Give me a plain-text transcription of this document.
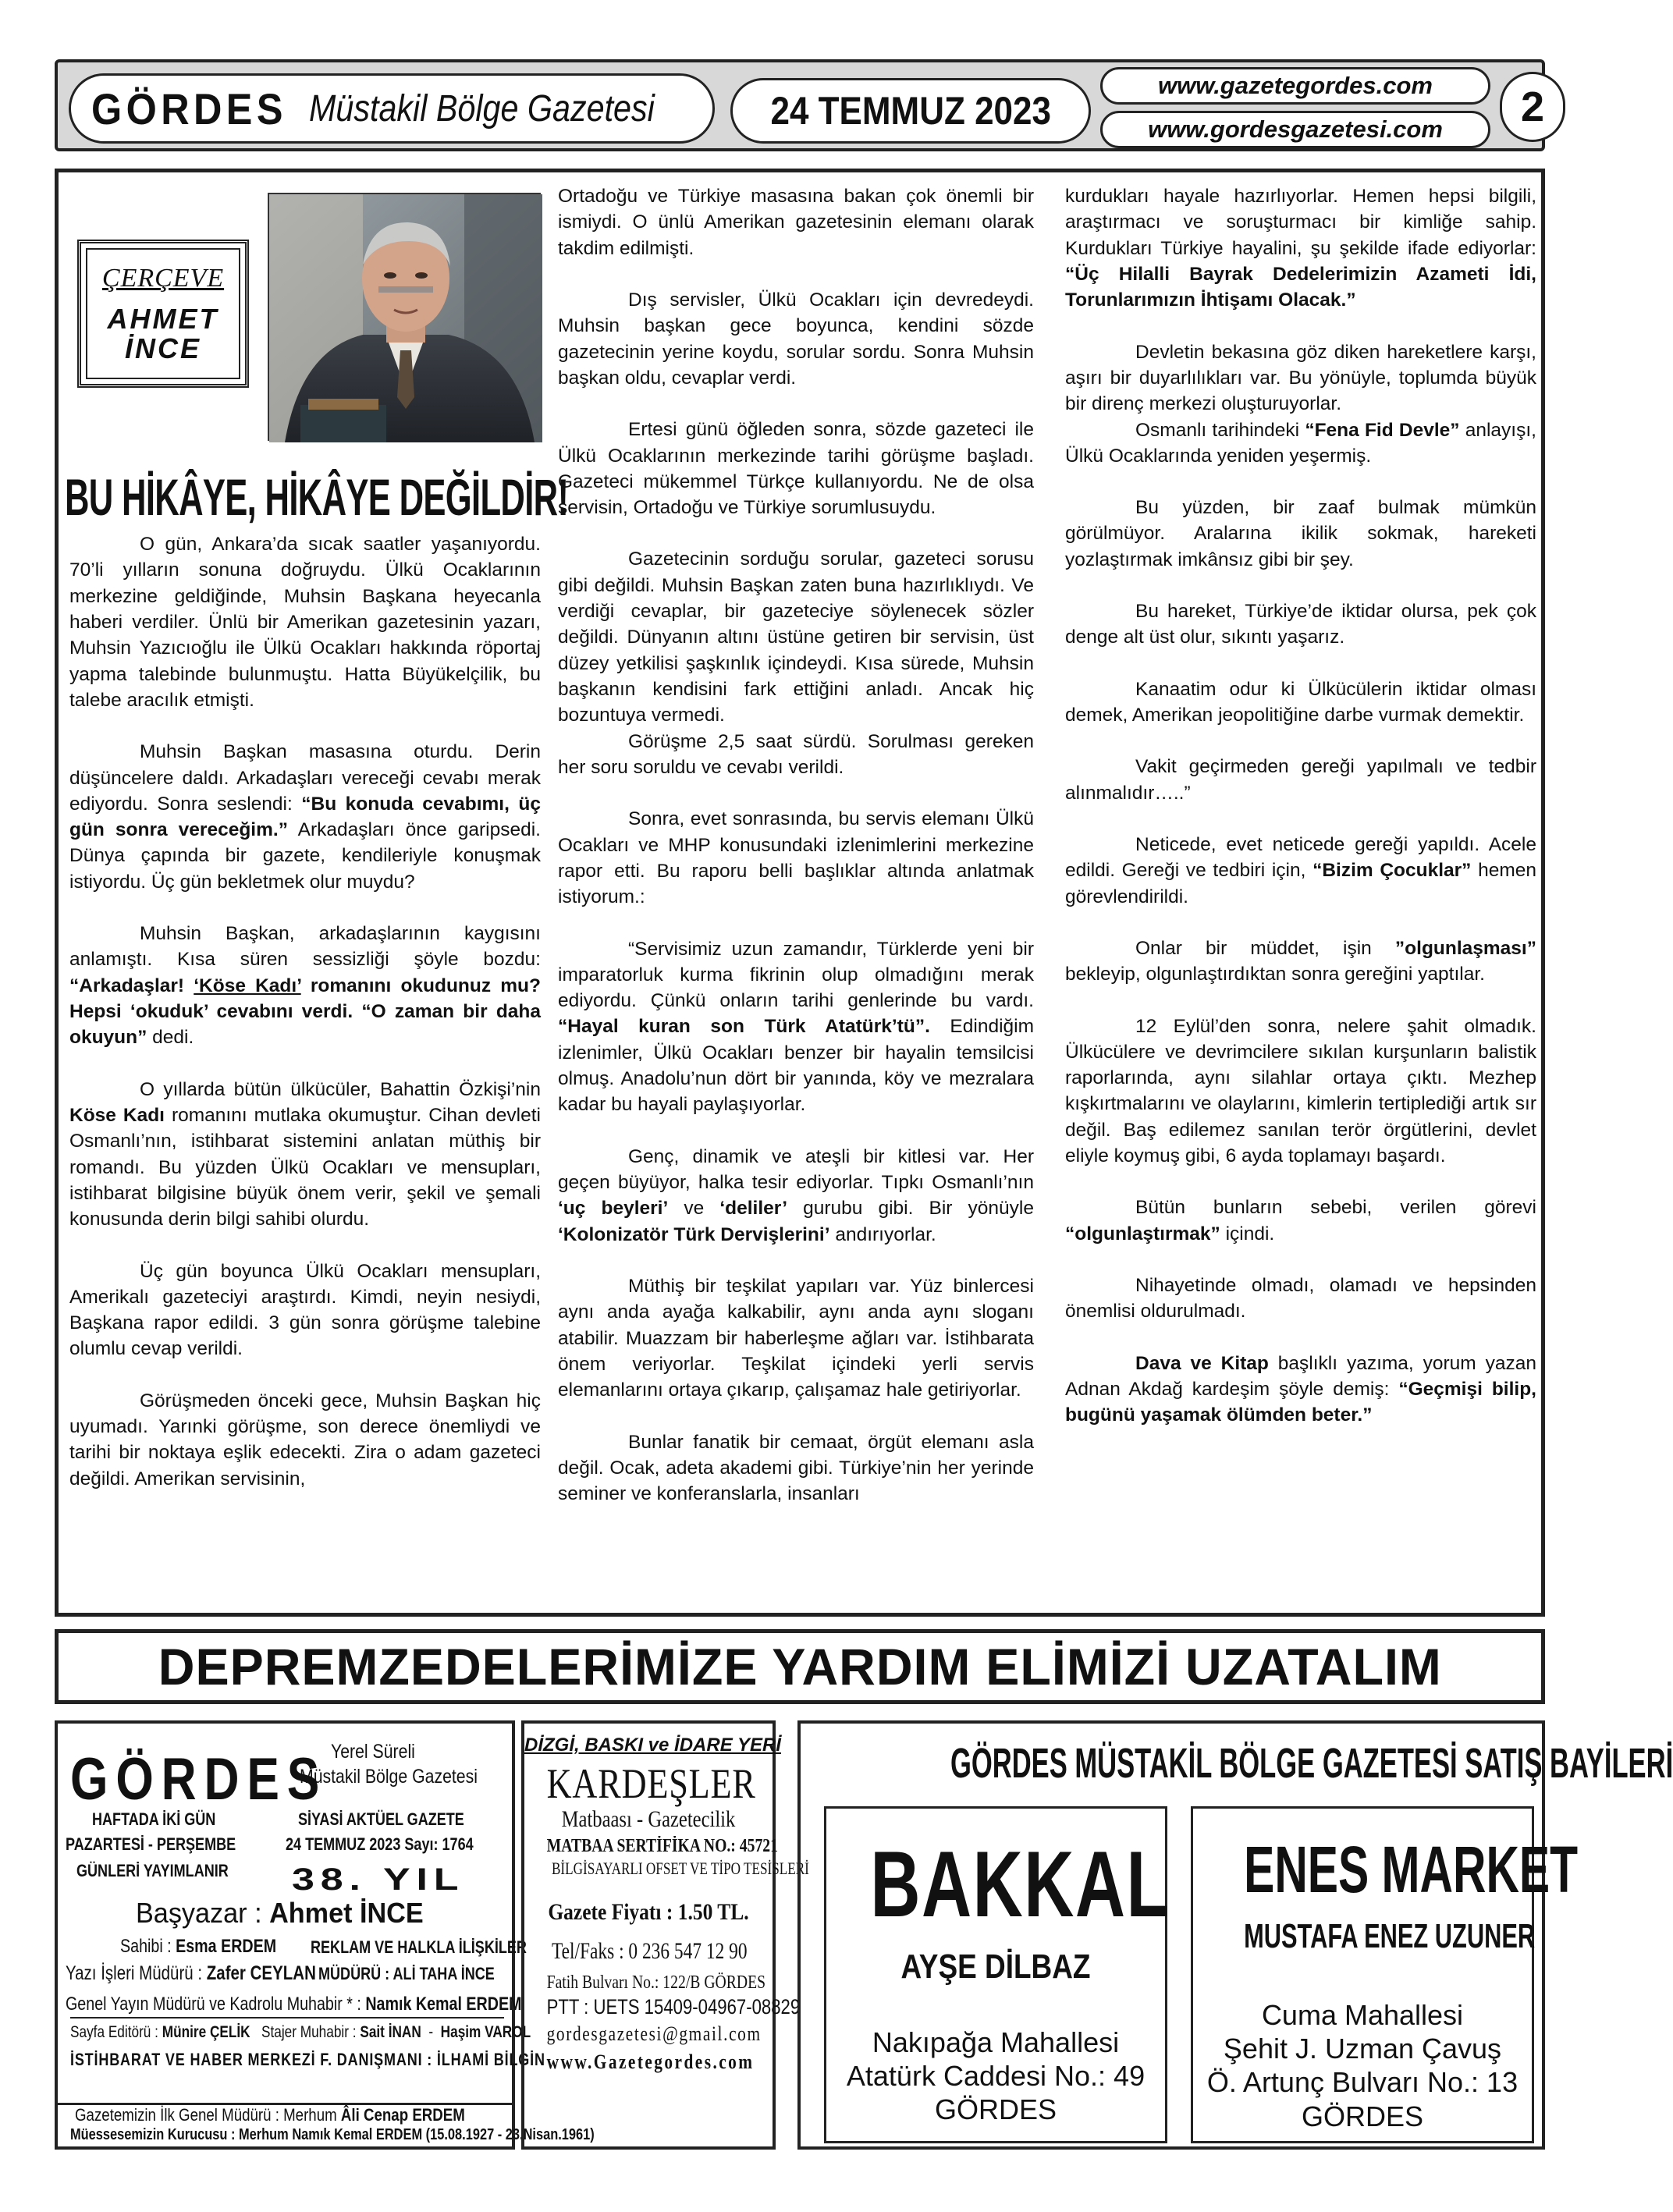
GÖRDES Müstakil Bölge Gazetesi	24 TEMMUZ 2023
www.gazetegordes.com
www.gordesgazetesi.com 2
ÇERÇEVE
AHMET
İNCE
BU HİKÂYE, HİKÂYE DEĞİLDİR!

O gün, Ankara’da sıcak saatler yaşanıyordu. 70’li yılların sonuna doğruydu. Ülkü Ocaklarının merkezine geldiğinde, Muhsin Başkana heyecanla haberi verdiler. Ünlü bir Amerikan gazetesinin yazarı, Muhsin Yazıcıoğlu ile Ülkü Ocakları hakkında röportaj yapma talebinde bulunmuştu. Hatta Büyükelçilik, bu talebe aracılık etmişti.

Muhsin Başkan masasına oturdu. Derin düşüncelere daldı. Arkadaşları vereceği cevabı merak ediyordu. Sonra seslendi: “Bu konuda cevabımı, üç gün sonra vereceğim.” Arkadaşları önce garipsedi. Dünya çapında bir gazete, kendileriyle konuşmak istiyordu. Üç gün bekletmek olur muydu?

Muhsin Başkan, arkadaşlarının kaygısını anlamıştı. Kısa süren sessizliği şöyle bozdu: “Arkadaşlar! ‘Köse Kadı’ romanını okudunuz mu? Hepsi ‘okuduk’ cevabını verdi. “O zaman bir daha okuyun” dedi.

O yıllarda bütün ülkücüler, Bahattin Özkişi’nin Köse Kadı romanını mutlaka okumuştur. Cihan devleti Osmanlı’nın, istihbarat sistemini anlatan müthiş bir romandı. Bu yüzden Ülkü Ocakları ve mensupları, istihbarat bilgisine büyük önem verir, şekil ve şemali konusunda derin bilgi sahibi olurdu.

Üç gün boyunca Ülkü Ocakları mensupları, Amerikalı gazeteciyi araştırdı. Kimdi, neyin nesiydi, Başkana rapor edildi. 3 gün sonra görüşme talebine olumlu cevap verildi.

Görüşmeden önceki gece, Muhsin Başkan hiç uyumadı. Yarınki görüşme, son derece önemliydi ve tarihi bir noktaya eşlik edecekti. Zira o adam gazeteci değildi. Amerikan servisinin,

Ortadoğu ve Türkiye masasına bakan çok önemli bir ismiydi. O ünlü Amerikan gazetesinin elemanı olarak takdim edilmişti.

Dış servisler, Ülkü Ocakları için devredeydi. Muhsin başkan gece boyunca, kendini sözde gazetecinin yerine koydu, sorular sordu. Sonra Muhsin başkan oldu, cevaplar verdi.

Ertesi günü öğleden sonra, sözde gazeteci ile Ülkü Ocaklarının merkezinde tarihi görüşme başladı. Gazeteci mükemmel Türkçe kullanıyordu. Ne de olsa servisin, Ortadoğu ve Türkiye sorumlusuydu.

Gazetecinin sorduğu sorular, gazeteci sorusu gibi değildi. Muhsin Başkan zaten buna hazırlıklıydı. Ve verdiği cevaplar, bir gazeteciye söylenecek sözler değildi. Dünyanın altını üstüne getiren bir servisin, üst düzey yetkilisi şaşkınlık içindeydi. Kısa sürede, Muhsin başkanın kendisini fark ettiğini anladı. Ancak hiç bozuntuya vermedi.

Görüşme 2,5 saat sürdü. Sorulması gereken her soru soruldu ve cevabı verildi.

Sonra, evet sonrasında, bu servis elemanı Ülkü Ocakları ve MHP konusundaki izlenimlerini merkezine rapor etti. Bu raporu belli başlıklar altında anlatmak istiyorum.:

“Servisimiz uzun zamandır, Türklerde yeni bir imparatorluk kurma fikrinin olup olmadığını merak ediyordu. Çünkü onların tarihi genlerinde bu vardı. “Hayal kuran son Türk Atatürk’tü”. Edindiğim izlenimler, Ülkü Ocakları benzer bir hayalin temsilcisi olmuş. Anadolu’nun dört bir yanında, köy ve mezralara kadar bu hayali paylaşıyorlar.

Genç, dinamik ve ateşli bir kitlesi var. Her geçen büyüyor, halka tesir ediyorlar. Tıpkı Osmanlı’nın ‘uç beyleri’ ve ‘deliler’ gurubu gibi. Bir yönüyle ‘Kolonizatör Türk Dervişlerini’ andırıyorlar.

Müthiş bir teşkilat yapıları var. Yüz binlercesi aynı anda ayağa kalkabilir, aynı anda aynı sloganı atabilir. Muazzam bir haberleşme ağları var. İstihbarata önem veriyorlar. Teşkilat içindeki yerli servis elemanlarını ortaya çıkarıp, çalışamaz hale getiriyorlar.

Bunlar fanatik bir cemaat, örgüt elemanı asla değil. Ocak, adeta akademi gibi. Türkiye’nin her yerinde seminer ve konferanslarla, insanları

kurdukları hayale hazırlıyorlar. Hemen hepsi bilgili, araştırmacı ve soruşturmacı bir kimliğe sahip. Kurdukları Türkiye hayalini, şu şekilde ifade ediyorlar: “Üç Hilalli Bayrak Dedelerimizin Azameti İdi, Torunlarımızın İhtişamı Olacak.”

Devletin bekasına göz diken hareketlere karşı, aşırı bir duyarlılıkları var. Bu yönüyle, toplumda büyük bir direnç merkezi oluşturuyorlar.

Osmanlı tarihindeki “Fena Fid Devle” anlayışı, Ülkü Ocaklarında yeniden yeşermiş.

Bu yüzden, bir zaaf bulmak mümkün görülmüyor. Aralarına ikilik sokmak, hareketi yozlaştırmak imkânsız gibi bir şey.

Bu hareket, Türkiye’de iktidar olursa, pek çok denge alt üst olur, sıkıntı yaşarız.

Kanaatim odur ki Ülkücülerin iktidar olması demek, Amerikan jeopolitiğine darbe vurmak demektir.

Vakit geçirmeden gereği yapılmalı ve tedbir alınmalıdır…..”

Neticede, evet neticede gereği yapıldı. Acele edildi. Gereği ve tedbiri için, “Bizim Çocuklar” hemen görevlendirildi.

Onlar bir müddet, işin ”olgunlaşması” bekleyip, olgunlaştırdıktan sonra gereğini yaptılar.

12 Eylül’den sonra, nelere şahit olmadık. Ülkücülere ve devrimcilere sıkılan kurşunların balistik raporlarında, aynı silahlar ortaya çıktı. Mezhep kışkırtmalarını ve olaylarını, kimlerin tertiplediği artık sır değil. Baş edilemez sanılan terör örgütlerini, devlet eliyle koymuş gibi, 6 ayda toplamayı başardı.

Bütün bunların sebebi, verilen görevi “olgunlaştırmak” içindi.

Nihayetinde olmadı, olamadı ve hepsinden önemlisi oldurulmadı.

Dava ve Kitap başlıklı yazıma, yorum yazan Adnan Akdağ kardeşim şöyle demiş: “Geçmişi bilip, bugünü yaşamak ölümden beter.”

DEPREMZEDELERİMİZE YARDIM ELİMİZİ UZATALIM
GÖRDES Yerel Süreli
Müstakil Bölge Gazetesi
HAFTADA İKİ GÜN	SİYASİ AKTÜEL GAZETE
PAZARTESİ - PERŞEMBE	24 TEMMUZ 2023 Sayı: 1764
GÜNLERİ YAYIMLANIR 38. YIL
Başyazar : Ahmet İNCE
Sahibi : Esma ERDEM REKLAM VE HALKLA İLİŞKİLER
Yazı İşleri Müdürü : Zafer CEYLAN MÜDÜRÜ : ALİ TAHA İNCE
Genel Yayın Müdürü ve Kadrolu Muhabir * : Namık Kemal ERDEM
Sayfa Editörü : Münire ÇELİK Stajer Muhabir : Sait İNAN  -  Haşim VAROL
İSTİHBARAT VE HABER MERKEZİ F. DANIŞMANI : İLHAMİ BİLGİN
Gazetemizin İlk Genel Müdürü : Merhum Âli Cenap ERDEM
Müessesemizin Kurucusu : Merhum Namık Kemal ERDEM (15.08.1927 - 23.Nisan.1961)
DİZGİ, BASKI ve İDARE YERİ
KARDEŞLER
Matbaası - Gazetecilik
MATBAA SERTİFİKA NO.: 45721
BİLGİSAYARLI OFSET VE TİPO TESİSLERİ
Gazete Fiyatı : 1.50 TL.
Tel/Faks : 0 236 547 12 90
Fatih Bulvarı No.: 122/B GÖRDES
PTT : UETS 15409-04967-08829
gordesgazetesi@gmail.com
www.Gazetegordes.com
GÖRDES MÜSTAKİL BÖLGE GAZETESİ SATIŞ BAYİLERİ
BAKKAL
AYŞE DİLBAZ
Nakıpağa Mahallesi
Atatürk Caddesi No.: 49
GÖRDES
ENES MARKET
MUSTAFA ENEZ UZUNER
Cuma Mahallesi
Şehit J. Uzman Çavuş
Ö. Artunç Bulvarı No.: 13
GÖRDES
